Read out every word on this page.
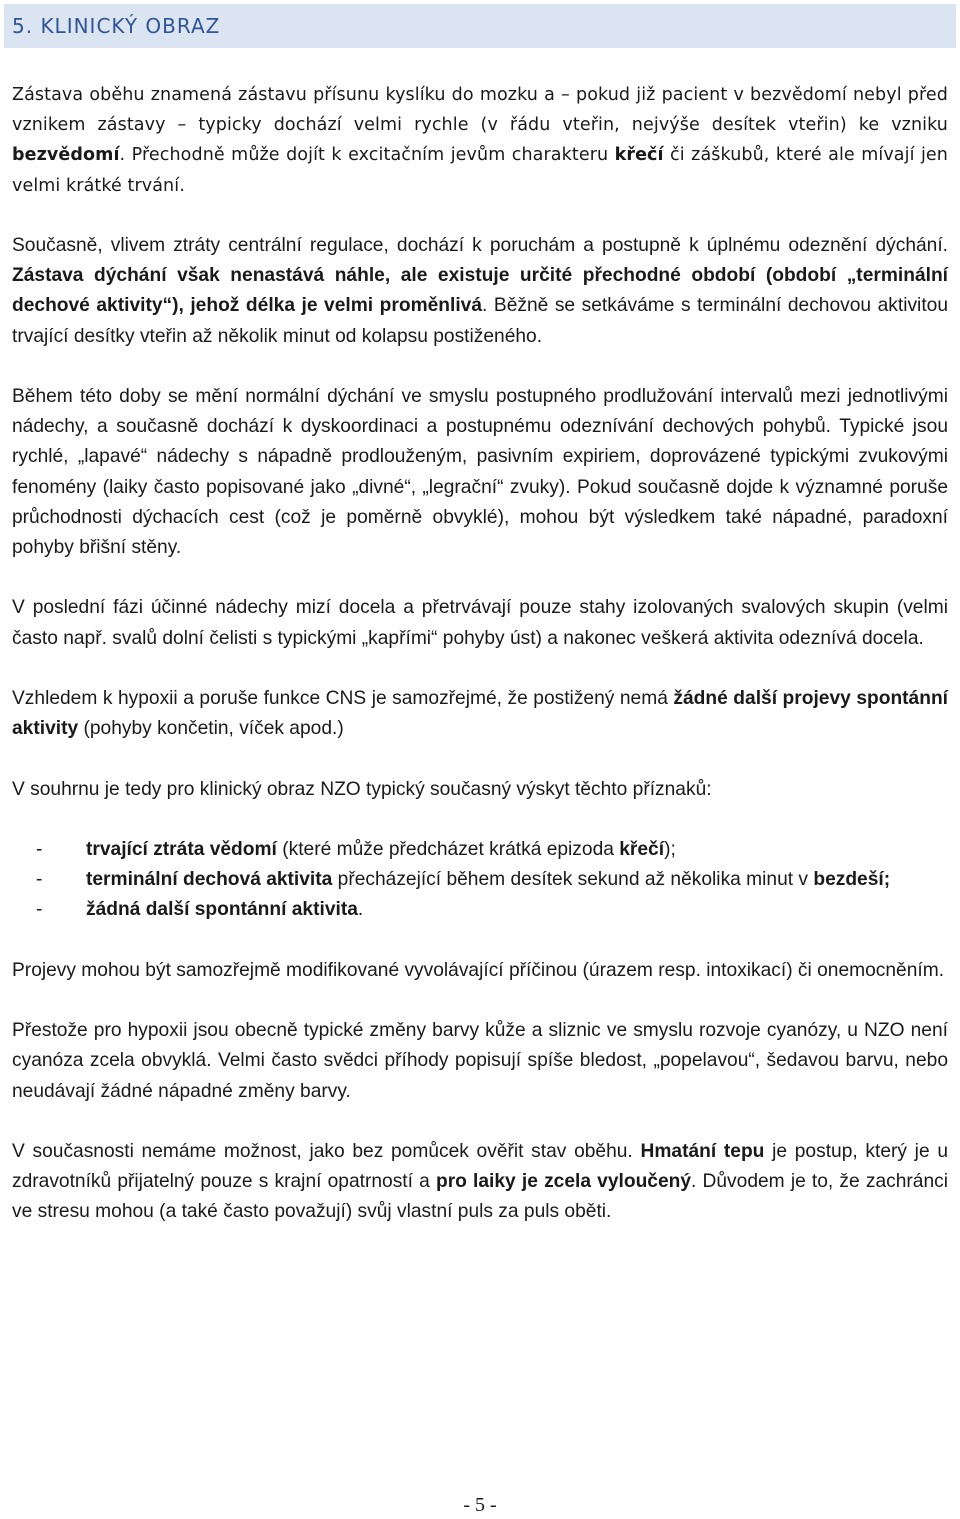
5. KLINICKÝ OBRAZ

Zástava oběhu znamená zástavu přísunu kyslíku do mozku a – pokud již pacient v bezvědomí nebyl před vznikem zástavy – typicky dochází velmi rychle (v řádu vteřin, nejvýše desítek vteřin) ke vzniku bezvědomí. Přechodně může dojít k excitačním jevům charakteru křečí či záškubů, které ale mívají jen velmi krátké trvání.

Současně, vlivem ztráty centrální regulace, dochází k poruchám a postupně k úplnému odeznění dýchání. Zástava dýchání však nenastává náhle, ale existuje určité přechodné období (období „terminální dechové aktivity“), jehož délka je velmi proměnlivá. Běžně se setkáváme s terminální dechovou aktivitou trvající desítky vteřin až několik minut od kolapsu postiženého.

Během této doby se mění normální dýchání ve smyslu postupného prodlužování intervalů mezi jednotlivými nádechy, a současně dochází k dyskoordinaci a postupnému odeznívání dechových pohybů. Typické jsou rychlé, „lapavé“ nádechy s nápadně prodlouženým, pasivním expiriem, doprovázené typickými zvukovými fenomény (laiky často popisované jako „divné“, „legrační“ zvuky). Pokud současně dojde k významné poruše průchodnosti dýchacích cest (což je poměrně obvyklé), mohou být výsledkem také nápadné, paradoxní pohyby břišní stěny.

V poslední fázi účinné nádechy mizí docela a přetrvávají pouze stahy izolovaných svalových skupin (velmi často např. svalů dolní čelisti s typickými „kapřími“ pohyby úst) a nakonec veškerá aktivita odeznívá docela.

Vzhledem k hypoxii a poruše funkce CNS je samozřejmé, že postižený nemá žádné další projevy spontánní aktivity (pohyby končetin, víček apod.)

V souhrnu je tedy pro klinický obraz NZO typický současný výskyt těchto příznaků:

- trvající ztráta vědomí (které může předcházet krátká epizoda křečí);
- terminální dechová aktivita přecházející během desítek sekund až několika minut v bezdeší;
- žádná další spontánní aktivita.

Projevy mohou být samozřejmě modifikované vyvolávající příčinou (úrazem resp. intoxikací) či onemocněním.

Přestože pro hypoxii jsou obecně typické změny barvy kůže a sliznic ve smyslu rozvoje cyanózy, u NZO není cyanóza zcela obvyklá. Velmi často svědci příhody popisují spíše bledost, „popelavou“, šedavou barvu, nebo neudávají žádné nápadné změny barvy.

V současnosti nemáme možnost, jako bez pomůcek ověřit stav oběhu. Hmatání tepu je postup, který je u zdravotníků přijatelný pouze s krajní opatrností a pro laiky je zcela vyloučený. Důvodem je to, že zachránci ve stresu mohou (a také často považují) svůj vlastní puls za puls oběti.

- 5 -
